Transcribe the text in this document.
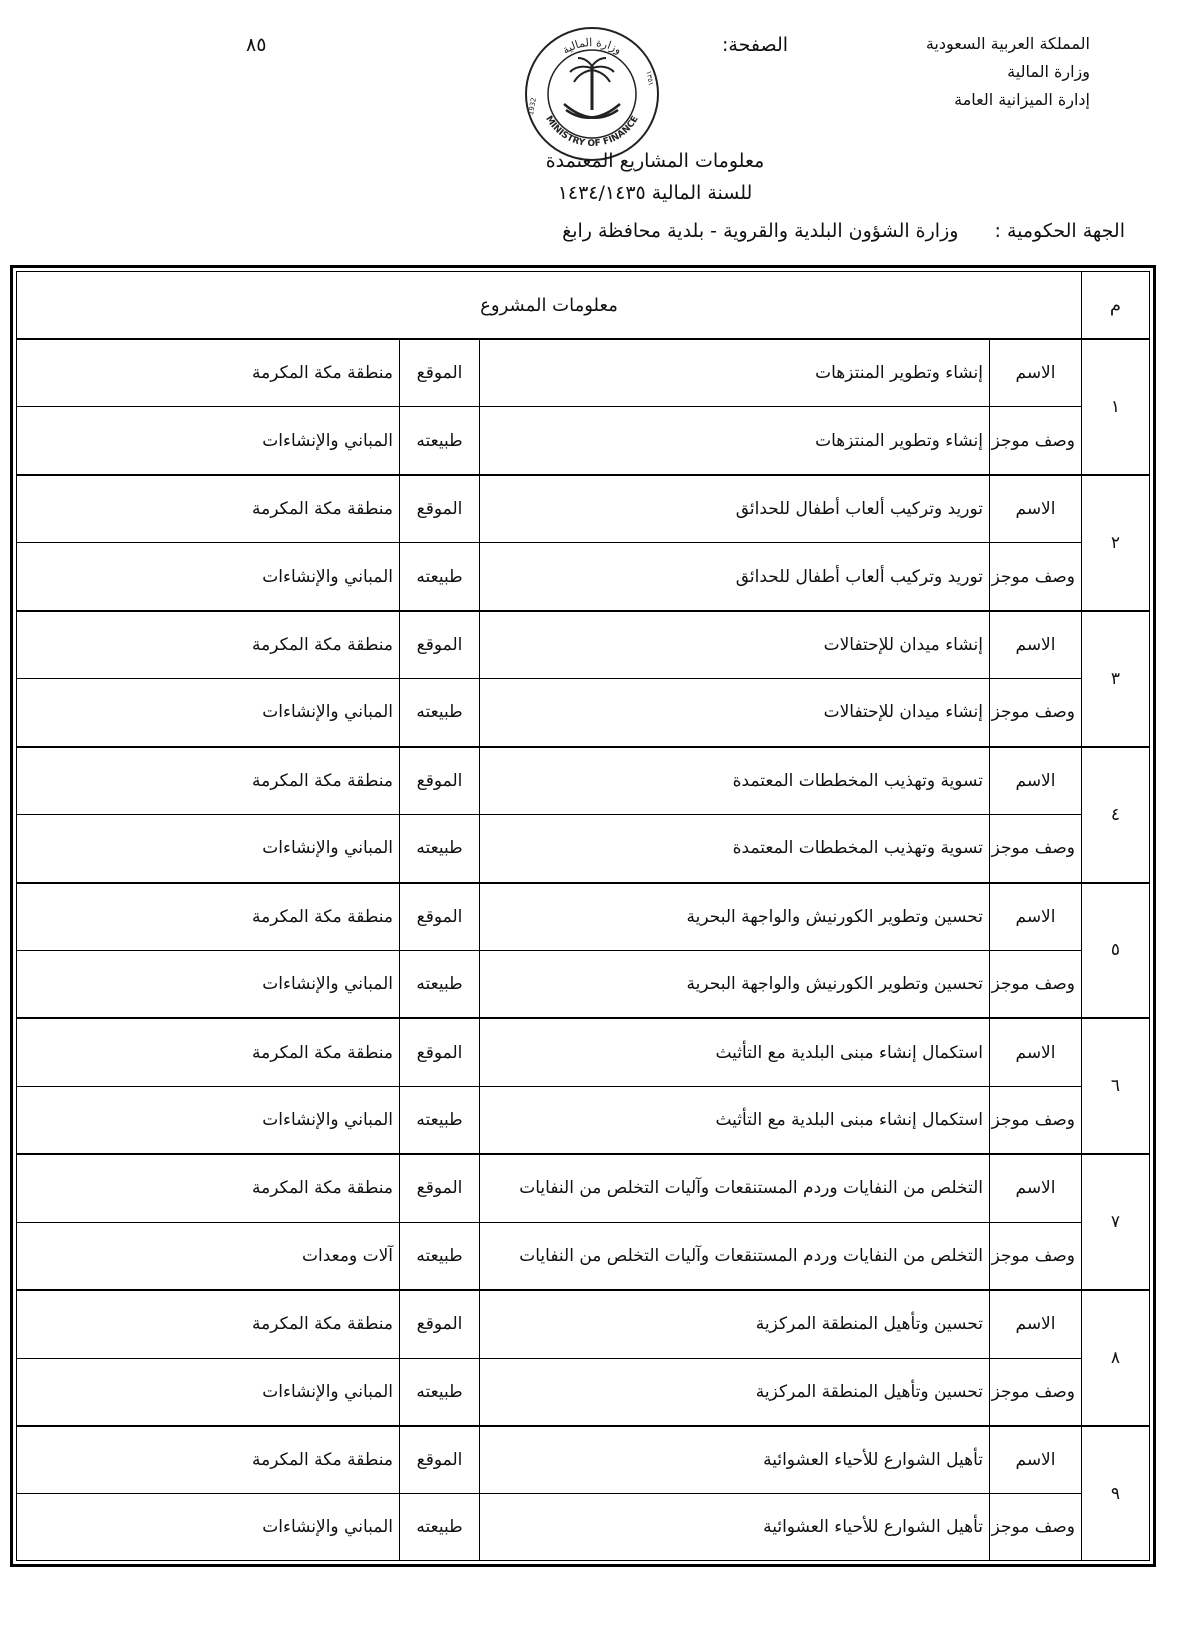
المملكة العربية السعودية
وزارة المالية
إدارة الميزانية العامة
الصفحة:
٨٥	وزارة المالية
MINISTRY OF FINANCE
1932
١٣٥١
معلومات المشاريع المعتمدة
للسنة المالية ١٤٣٤/١٤٣٥
الجهة الحكومية : وزارة الشؤون البلدية والقروية - بلدية محافظة رابغ
م	معلومات المشروع			
١	الاسم	إنشاء وتطوير المنتزهات	الموقع	منطقة مكة المكرمة
	وصف موجز	إنشاء وتطوير المنتزهات	طبيعته	المباني والإنشاءات
٢	الاسم	توريد وتركيب ألعاب أطفال للحدائق	الموقع	منطقة مكة المكرمة
	وصف موجز	توريد وتركيب ألعاب أطفال للحدائق	طبيعته	المباني والإنشاءات
٣	الاسم	إنشاء ميدان للإحتفالات	الموقع	منطقة مكة المكرمة
	وصف موجز	إنشاء ميدان للإحتفالات	طبيعته	المباني والإنشاءات
٤	الاسم	تسوية وتهذيب المخططات المعتمدة	الموقع	منطقة مكة المكرمة
	وصف موجز	تسوية وتهذيب المخططات المعتمدة	طبيعته	المباني والإنشاءات
٥	الاسم	تحسين وتطوير الكورنيش والواجهة البحرية	الموقع	منطقة مكة المكرمة
	وصف موجز	تحسين وتطوير الكورنيش والواجهة البحرية	طبيعته	المباني والإنشاءات
٦	الاسم	استكمال إنشاء مبنى البلدية مع التأثيث	الموقع	منطقة مكة المكرمة
	وصف موجز	استكمال إنشاء مبنى البلدية مع التأثيث	طبيعته	المباني والإنشاءات
٧	الاسم	التخلص من النفايات وردم المستنقعات وآليات التخلص من النفايات	الموقع	منطقة مكة المكرمة
	وصف موجز	التخلص من النفايات وردم المستنقعات وآليات التخلص من النفايات	طبيعته	آلات ومعدات
٨	الاسم	تحسين وتأهيل المنطقة المركزية	الموقع	منطقة مكة المكرمة
	وصف موجز	تحسين وتأهيل المنطقة المركزية	طبيعته	المباني والإنشاءات
٩	الاسم	تأهيل الشوارع للأحياء العشوائية	الموقع	منطقة مكة المكرمة
	وصف موجز	تأهيل الشوارع للأحياء العشوائية	طبيعته	المباني والإنشاءات
